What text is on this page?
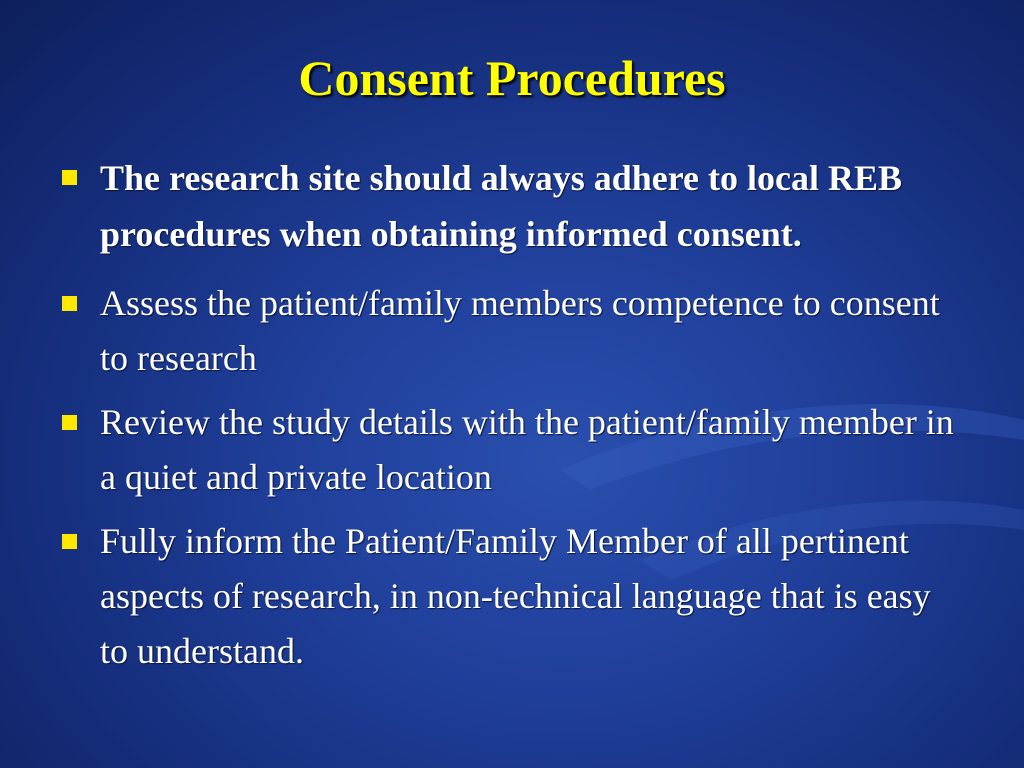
Consent Procedures
The research site should always adhere to local REB procedures when obtaining informed consent.
Assess the patient/family members competence to consent to research
Review the study details with the patient/family member in a quiet and private location
Fully inform the Patient/Family Member of all pertinent aspects of research, in non-technical language that is easy to understand.
